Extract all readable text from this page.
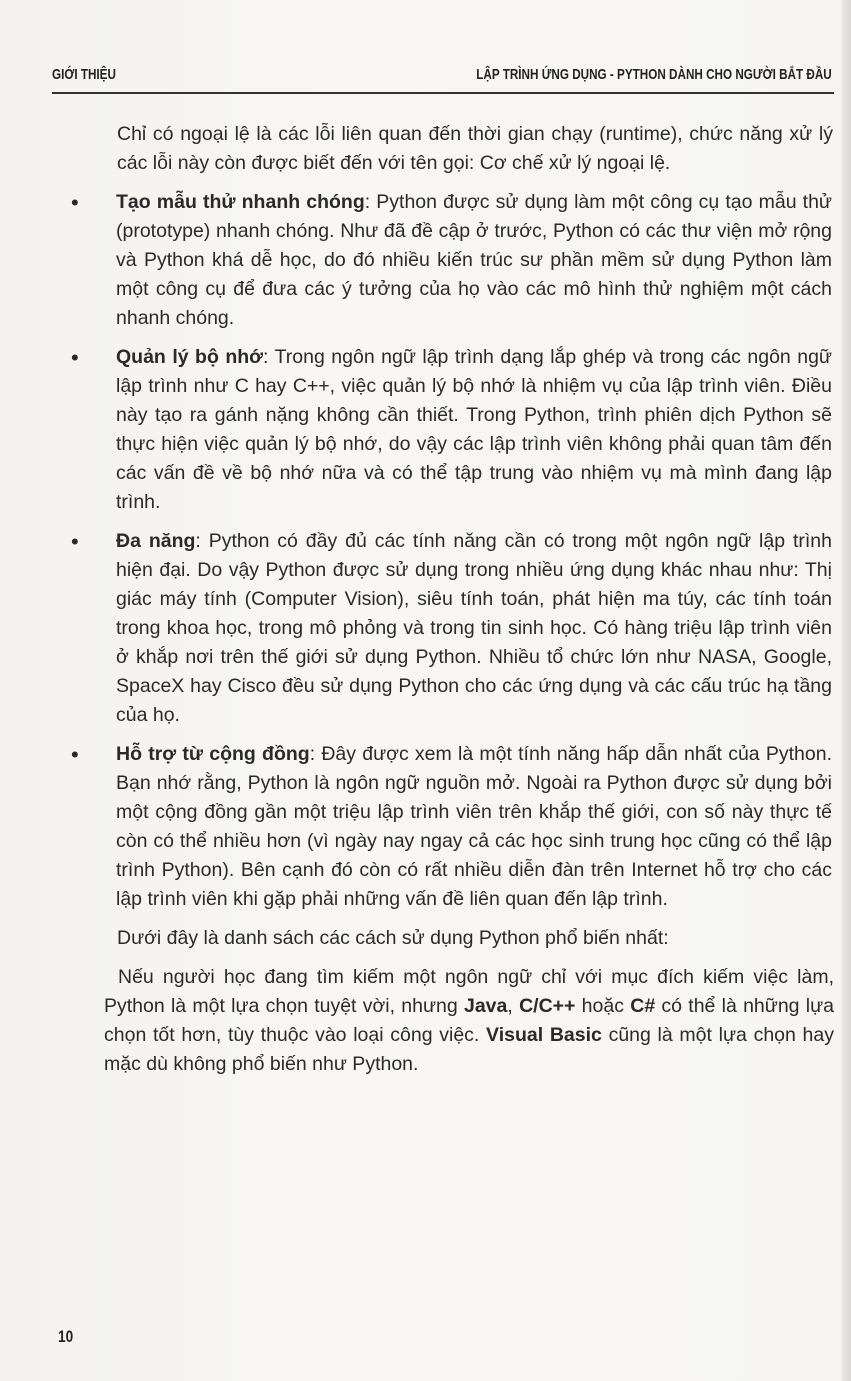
GIỚI THIỆU	LẬP TRÌNH ỨNG DỤNG - PYTHON DÀNH CHO NGƯỜI BẮT ĐẦU

Chỉ có ngoại lệ là các lỗi liên quan đến thời gian chạy (runtime), chức năng xử lý các lỗi này còn được biết đến với tên gọi: Cơ chế xử lý ngoại lệ.

• Tạo mẫu thử nhanh chóng: Python được sử dụng làm một công cụ tạo mẫu thử (prototype) nhanh chóng. Như đã đề cập ở trước, Python có các thư viện mở rộng và Python khá dễ học, do đó nhiều kiến trúc sư phần mềm sử dụng Python làm một công cụ để đưa các ý tưởng của họ vào các mô hình thử nghiệm một cách nhanh chóng.

• Quản lý bộ nhớ: Trong ngôn ngữ lập trình dạng lắp ghép và trong các ngôn ngữ lập trình như C hay C++, việc quản lý bộ nhớ là nhiệm vụ của lập trình viên. Điều này tạo ra gánh nặng không cần thiết. Trong Python, trình phiên dịch Python sẽ thực hiện việc quản lý bộ nhớ, do vậy các lập trình viên không phải quan tâm đến các vấn đề về bộ nhớ nữa và có thể tập trung vào nhiệm vụ mà mình đang lập trình.

• Đa năng: Python có đầy đủ các tính năng cần có trong một ngôn ngữ lập trình hiện đại. Do vậy Python được sử dụng trong nhiều ứng dụng khác nhau như: Thị giác máy tính (Computer Vision), siêu tính toán, phát hiện ma túy, các tính toán trong khoa học, trong mô phỏng và trong tin sinh học. Có hàng triệu lập trình viên ở khắp nơi trên thế giới sử dụng Python. Nhiều tổ chức lớn như NASA, Google, SpaceX hay Cisco đều sử dụng Python cho các ứng dụng và các cấu trúc hạ tầng của họ.

• Hỗ trợ từ cộng đồng: Đây được xem là một tính năng hấp dẫn nhất của Python. Bạn nhớ rằng, Python là ngôn ngữ nguồn mở. Ngoài ra Python được sử dụng bởi một cộng đồng gần một triệu lập trình viên trên khắp thế giới, con số này thực tế còn có thể nhiều hơn (vì ngày nay ngay cả các học sinh trung học cũng có thể lập trình Python). Bên cạnh đó còn có rất nhiều diễn đàn trên Internet hỗ trợ cho các lập trình viên khi gặp phải những vấn đề liên quan đến lập trình.

Dưới đây là danh sách các cách sử dụng Python phổ biến nhất:

Nếu người học đang tìm kiếm một ngôn ngữ chỉ với mục đích kiếm việc làm, Python là một lựa chọn tuyệt vời, nhưng Java, C/C++ hoặc C# có thể là những lựa chọn tốt hơn, tùy thuộc vào loại công việc. Visual Basic cũng là một lựa chọn hay mặc dù không phổ biến như Python.

10
